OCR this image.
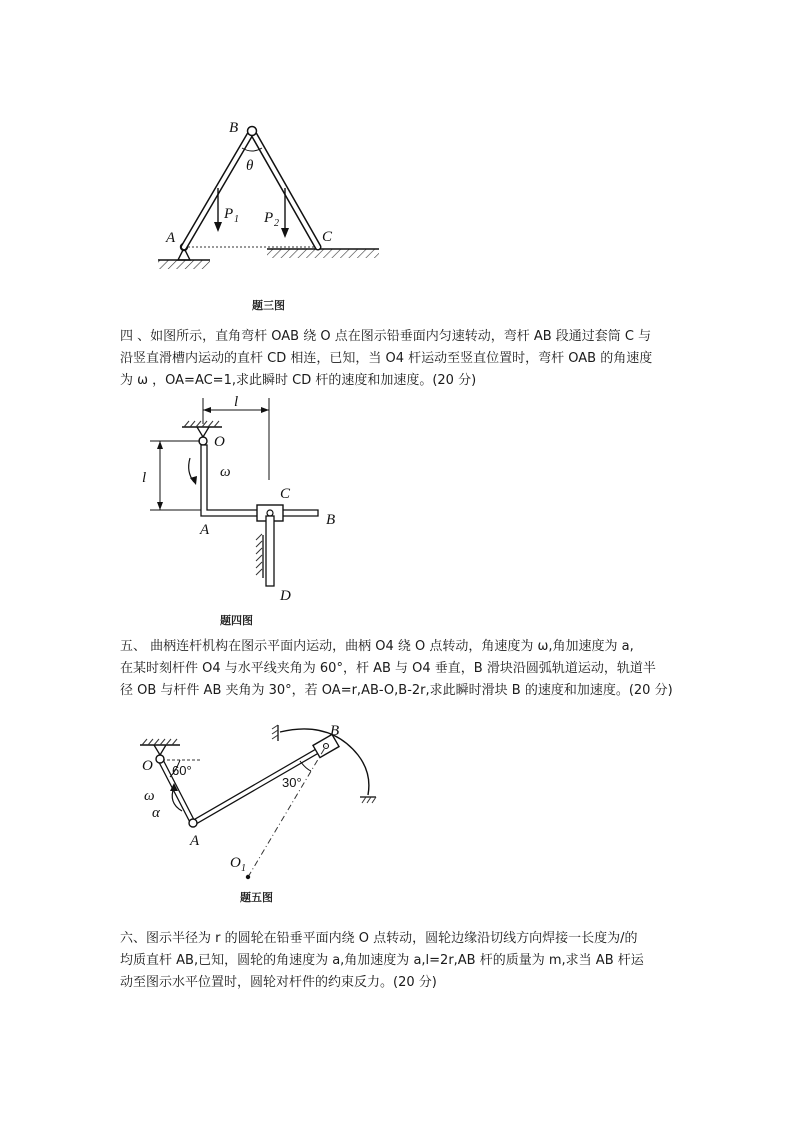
A
B
C
θ
P 1 P 2
题三图
四 、如图所示，直角弯杆 OAB 绕 O 点在图示铅垂面内匀速转动，弯杆 AB 段通过套筒 C 与
沿竖直滑槽内运动的直杆 CD 相连，已知，当 O4 杆运动至竖直位置时，弯杆 OAB 的角速度
为 ω ，OA=AC=1,求此瞬时 CD 杆的速度和加速度。(20 分)
l
l
O
ω
A
C
B
D
题四图
五、 曲柄连杆机构在图示平面内运动，曲柄 O4 绕 O 点转动，角速度为 ω,角加速度为 a,
在某时刻杆件 O4 与水平线夹角为 60°，杆 AB 与 O4 垂直，B 滑块沿圆弧轨道运动，轨道半
径 OB 与杆件 AB 夹角为 30°，若 OA=r,AB-O,B-2r,求此瞬时滑块 B 的速度和加速度。(20 分)
O 60°
ω
α
A
B
30°
O 1
题五图
六、图示半径为 r 的圆轮在铅垂平面内绕 O 点转动，圆轮边缘沿切线方向焊接一长度为/的
均质直杆 AB,已知，圆轮的角速度为 a,角加速度为 a,l=2r,AB 杆的质量为 m,求当 AB 杆运
动至图示水平位置时，圆轮对杆件的约束反力。(20 分)
